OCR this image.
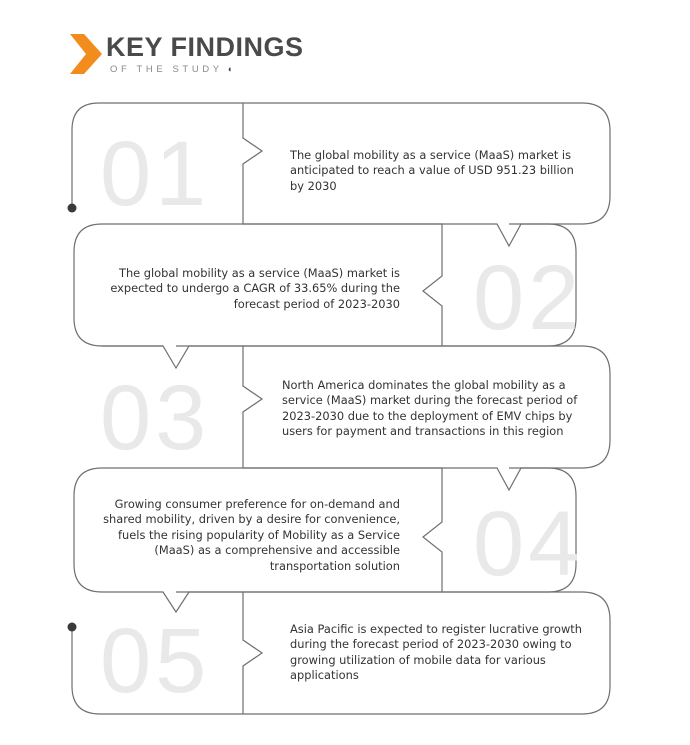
KEY FINDINGS
OF THE STUDY ◖
01	The global mobility as a service (MaaS) market is anticipated to reach a value of USD 951.23 billion by 2030
02
The global mobility as a service (MaaS) market is expected to undergo a CAGR of 33.65% during the forecast period of 2023-2030
03	North America dominates the global mobility as a service (MaaS) market during the forecast period of 2023-2030 due to the deployment of EMV chips by users for payment and transactions in this region
04
Growing consumer preference for on-demand and shared mobility, driven by a desire for convenience, fuels the rising popularity of Mobility as a Service (MaaS) as a comprehensive and accessible transportation solution
05	Asia Pacific is expected to register lucrative growth during the forecast period of 2023-2030 owing to growing utilization of mobile data for various applications
